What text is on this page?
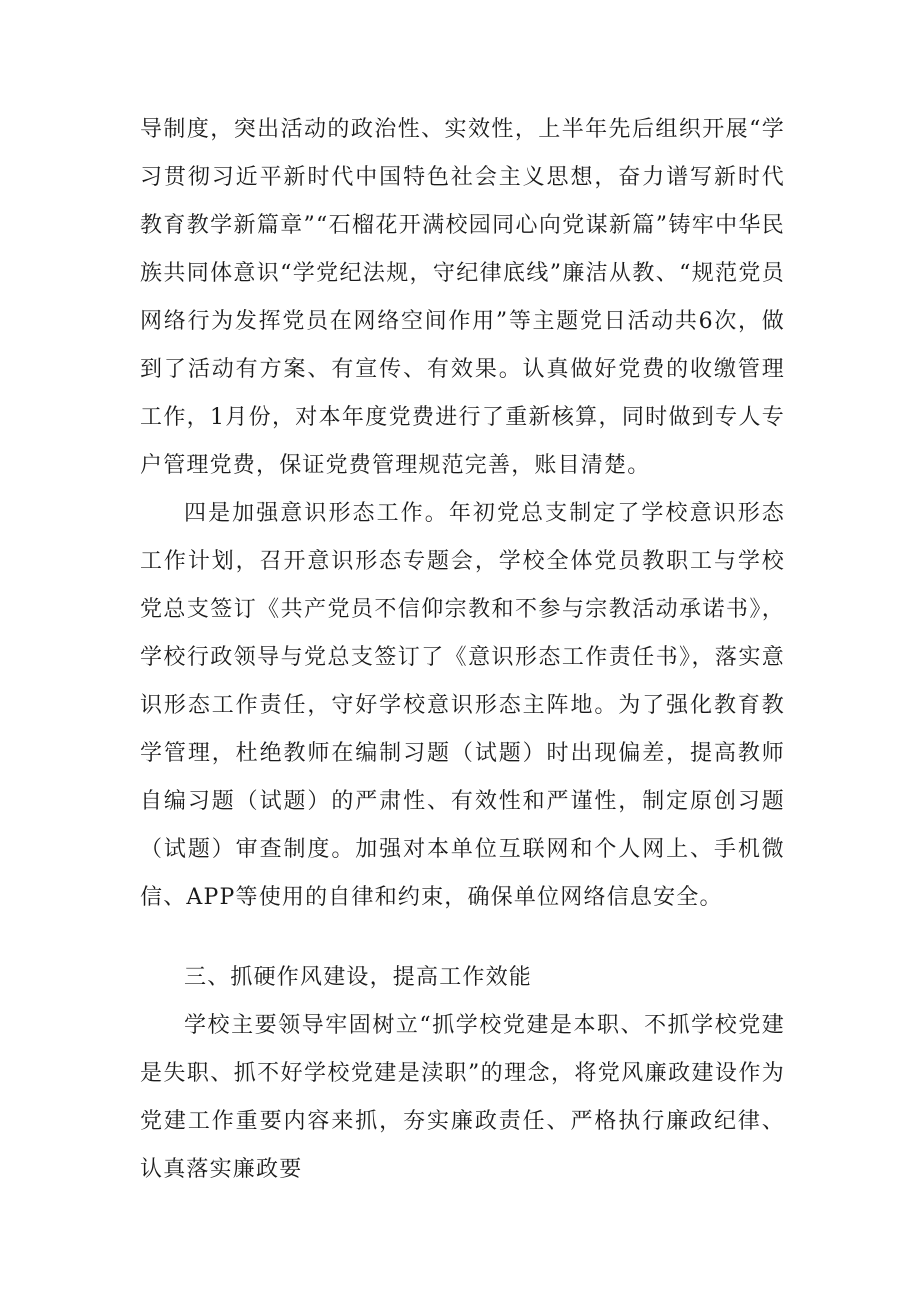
导制度，突出活动的政治性、实效性，上半年先后组织开展“学习贯彻习近平新时代中国特色社会主义思想，奋力谱写新时代教育教学新篇章”“石榴花开满校园同心向党谋新篇”铸牢中华民族共同体意识“学党纪法规，守纪律底线”廉洁从教、“规范党员网络行为发挥党员在网络空间作用”等主题党日活动共6次，做到了活动有方案、有宣传、有效果。认真做好党费的收缴管理工作，1月份，对本年度党费进行了重新核算，同时做到专人专户管理党费，保证党费管理规范完善，账目清楚。

四是加强意识形态工作。年初党总支制定了学校意识形态工作计划，召开意识形态专题会，学校全体党员教职工与学校党总支签订《共产党员不信仰宗教和不参与宗教活动承诺书》，学校行政领导与党总支签订了《意识形态工作责任书》，落实意识形态工作责任，守好学校意识形态主阵地。为了强化教育教学管理，杜绝教师在编制习题（试题）时出现偏差，提高教师自编习题（试题）的严肃性、有效性和严谨性，制定原创习题（试题）审查制度。加强对本单位互联网和个人网上、手机微信、APP等使用的自律和约束，确保单位网络信息安全。

三、抓硬作风建设，提高工作效能

学校主要领导牢固树立“抓学校党建是本职、不抓学校党建是失职、抓不好学校党建是渎职”的理念，将党风廉政建设作为党建工作重要内容来抓，夯实廉政责任、严格执行廉政纪律、认真落实廉政要
